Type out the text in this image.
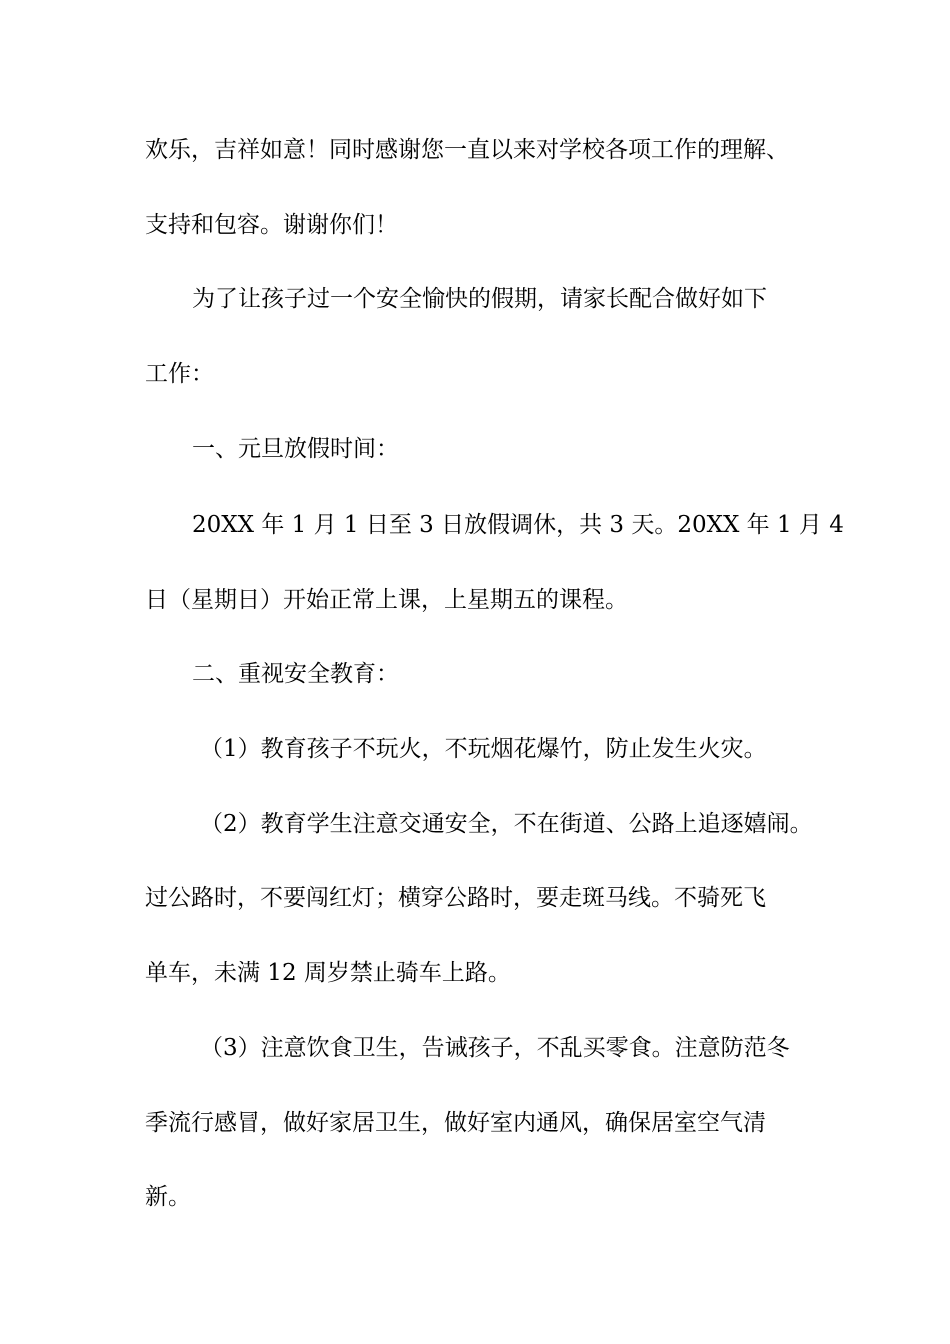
欢乐，吉祥如意！同时感谢您一直以来对学校各项工作的理解、

支持和包容。谢谢你们！

为了让孩子过一个安全愉快的假期，请家长配合做好如下

工作：

一、元旦放假时间：

20XX 年 1 月 1 日至 3 日放假调休，共 3 天。20XX 年 1 月 4

日（星期日）开始正常上课，上星期五的课程。

二、重视安全教育：

（1）教育孩子不玩火，不玩烟花爆竹，防止发生火灾。

（2）教育学生注意交通安全，不在街道、公路上追逐嬉闹。

过公路时，不要闯红灯；横穿公路时，要走斑马线。不骑死飞

单车，未满 12 周岁禁止骑车上路。

（3）注意饮食卫生，告诫孩子，不乱买零食。注意防范冬

季流行感冒，做好家居卫生，做好室内通风，确保居室空气清

新。
